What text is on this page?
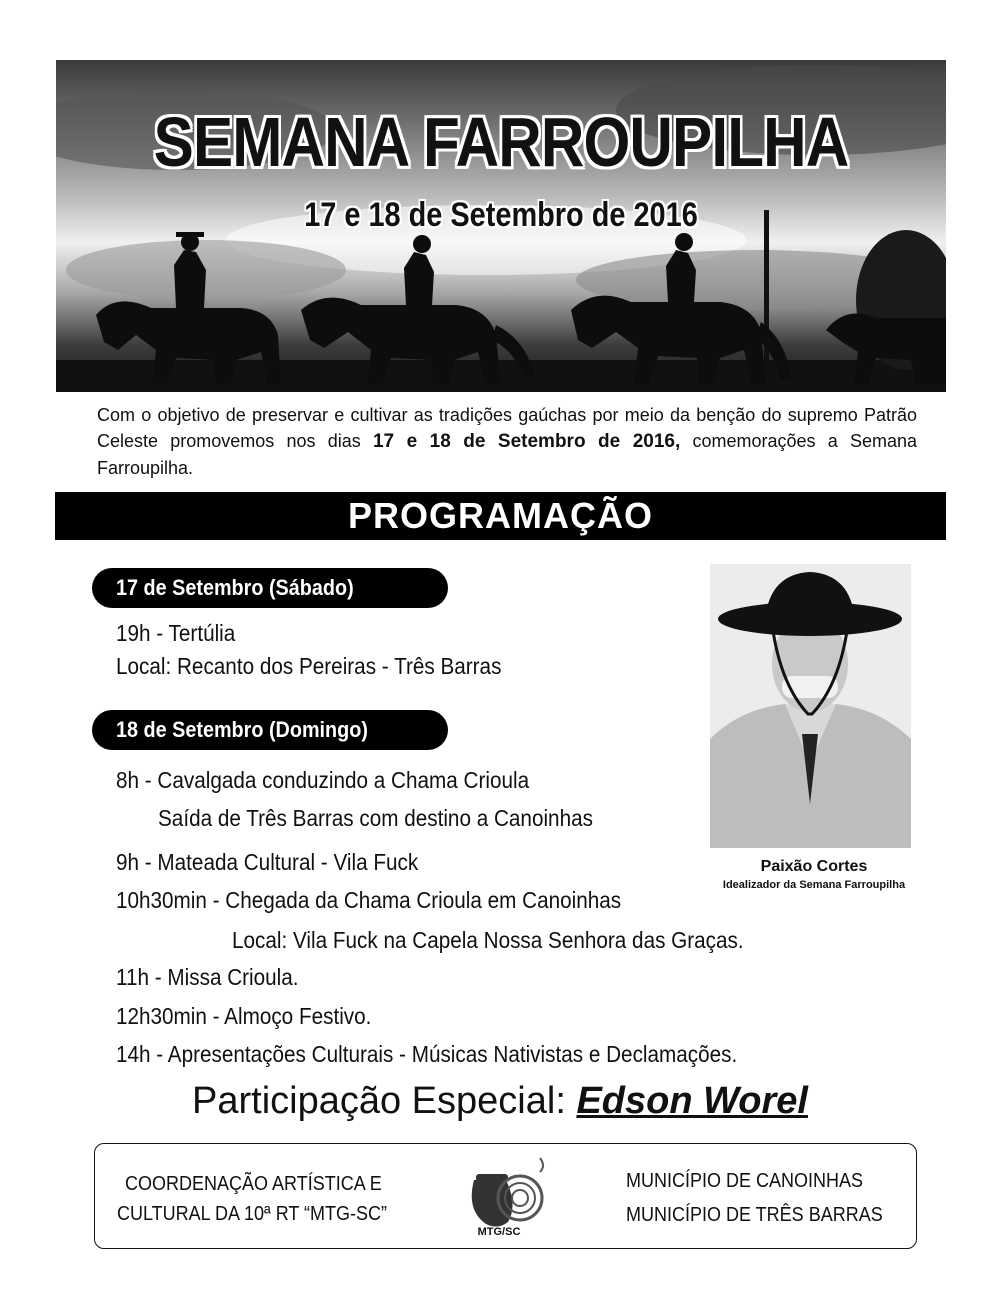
SEMANA FARROUPILHA
17 e 18 de Setembro de 2016
Com o objetivo de preservar e cultivar as tradições gaúchas por meio da benção do supremo Patrão Celeste promovemos nos dias 17 e 18 de Setembro de 2016, comemorações a Semana Farroupilha.
PROGRAMAÇÃO
17 de Setembro (Sábado)
19h - Tertúlia
Local: Recanto dos Pereiras - Três Barras
18 de Setembro (Domingo)
8h - Cavalgada conduzindo a Chama Crioula
Saída de Três Barras com destino a Canoinhas
9h - Mateada Cultural - Vila Fuck
10h30min - Chegada da Chama Crioula em Canoinhas
Local: Vila Fuck na Capela Nossa Senhora das Graças.
11h - Missa Crioula.
12h30min - Almoço Festivo.
14h - Apresentações Culturais - Músicas Nativistas e Declamações.
Paixão Cortes
Idealizador da Semana Farroupilha
Participação Especial: Edson Worel
COORDENAÇÃO ARTÍSTICA E
CULTURAL DA 10ª RT “MTG-SC”
MTG/SC
MUNICÍPIO DE CANOINHAS
MUNICÍPIO DE TRÊS BARRAS
